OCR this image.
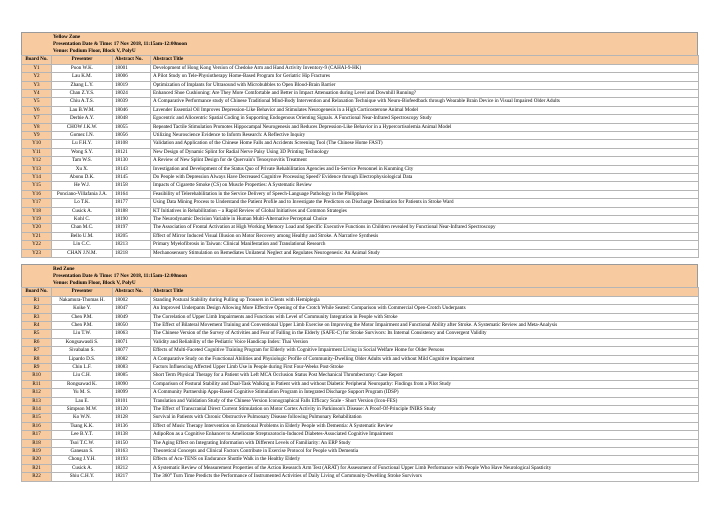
Yellow Zone
Presentation Date & Time: 17 Nov 2018, 11:15am-12:00noon
Venue: Podium Floor, Block V, PolyU
Board No.	Presenter	Abstract No.	Abstract Title
Y1	Poon W.K.	18001	Development of Hong Kong Version of Chedoke Arm and Hand Activity Inventory-9 (CAHAI-9-HK)
Y2	Lau K.M.	18006	A Pilot Study on Tele-Physiotherapy Home-Based Program for Geriatric Hip Fractures
Y3	Zhang L.Y.	18019	Optimization of Implants for Ultrasound with Microbubbles to Open Blood-Brain Barrier
Y4	Chan Z.Y.S.	18024	Enhanced Shoe Cushioning: Are They More Comfortable and Better in Impact Attenuation during Level and Downhill Running?
Y5	Chiu A.T.S.	18039	A Comparative Performance study of Chinese Traditional Mind-Body Intervention and Relaxation Technique with Neuro-Biofeedback through Wearable Brain Device in Visual Impaired Older Adults
Y6	Lau B.W.M.	18046	Lavender Essential Oil Improves Depression-Like Behavior and Stimulates Neurogenesis in a High Corticosterone Animal Model
Y7	Derbie A.Y.	18048	Egocentric and Allocentric Spatial Coding in Supporting Endogenous Orienting Signals. A Functional Near-Infrared Spectroscopy Study
Y8	CHOW J.K.W.	18055	Repeated Tactile Stimulation Promotes Hippocampal Neurogenesis and Reduces Depression-Like Behavior in a Hypercortisolemia Animal Model
Y9	Gomez I.N.	18056	Utilizing Neuroscience Evidence to Inform Research: A Reflective Inquiry
Y10	Lu F.H.Y.	18108	Validation and Application of the Chinese Home Falls and Accidents Screening Tool (The Chinese Home FAST)
Y11	Wong S.Y.	18121	New Design of Dynamic Splint for Radial Nerve Palsy Using 3D Printing Technology
Y12	Tam W.S.	18130	A Review of New Splint Design for de Quervain's Tenosynovitis Treatment
Y13	Xu X.	18143	Investigation and Development of the Status Quo of Private Rehabilitation Agencies and In-Service Personnel in Kunming City
Y14	Abonu D.K.	18145	Do People with Depression Always Have Decreased Cognitive Processing Speed? Evidence through Electrophysiological Data
Y15	He W.J.	18158	Impacts of Cigarette Smoke (CS) on Muscle Properties: A Systematic Review
Y16	Ponciano-Villafania J.A.	18164	Feasibility of Telerehabilitation in the Service Delivery of Speech-Language Pathology in the Philippines
Y17	Lo T.K.	18177	Using Data Mining Process to Understand the Patient Profile and to Investigate the Predictors on Discharge Destination for Patients in Stroke Ward
Y18	Cusick A.	18188	KT Initiatives in Rehabilitation – a Rapid Review of Global Initiatives and Common Strategies
Y19	Kohl C.	18190	The Neurodynamic Decision Variable in Human Multi-Alternative Perceptual Choice
Y20	Chan M.C.	18197	The Association of Frontal Activation at High Working Memory Load and Specific Executive Functions in Children revealed by Functional Near-Infrared Spectroscopy
Y21	Bello U.M.	18205	Effect of Mirror Induced Visual Illusion on Motor Recovery among Healthy and Stroke. A Narrative Synthesis
Y22	Lin C.C.	18213	Primary Myelofibrosis in Taiwan: Clinical Manifestation and Translational Research
Y23	CHAN J.N.M.	18218	Mechanosensory Stimulation on Remediates Unilateral Neglect and Regulates Neurogenesis: An Animal Study
Red Zone
Presentation Date & Time: 17 Nov 2018, 11:15am-12:00noon
Venue: Podium Floor, Block V, PolyU
Board No.	Presenter	Abstract No.	Abstract Title
R1	Nakamura-Thomas H.	18002	Standing Postural Stability during Pulling up Trousers in Clients with Hemiplegia
R2	Koike Y.	18047	An Improved Underpants Design Allowing More Effective Opening of the Crotch While Seated: Comparison with Commercial Open-Crotch Underpants
R3	Chen P.M.	18049	The Correlation of Upper Limb Impairments and Functions with Level of Community Integration in People with Stroke
R4	Chen P.M.	18050	The Effect of Bilateral Movement Training and Conventional Upper Limb Exercise on Improving the Motor Impairment and Functional Ability after Stroke. A Systematic Review and Meta-Analysis
R5	Liu T.W.	18063	The Chinese Version of the Survey of Activities and Fear of Falling in the Elderly (SAFE-C) for Stroke Survivors: Its Internal Consistency and Convergent Validity
R6	Kongsawasdi S.	18071	Validity and Reliability of the Pediatric Voice Handicap Index: Thai Version
R7	Sivabalan S.	18077	Effects of Multi-Faceted Cognitive Training Program for Elderly with Cognitive Impairment Living in Social Welfare Home for Older Persons
R8	Lipardo D.S.	18082	A Comparative Study on the Functional Abilities and Physiologic Profile of Community-Dwelling Older Adults with and without Mild Cognitive Impairment
R9	Chin L.F.	18083	Factors Influencing Affected Upper Limb Use in People during First Four-Weeks Post-Stroke
R10	Liu C.H.	18085	Short Term Physical Therapy for a Patient with Left MCA Occlusion Status Post Mechanical Thrombectomy: Case Report
R11	Rongsawad K.	18090	Comparison of Postural Stability and Dual-Task Walking in Patient with and without Diabetic Peripheral Neuropathy: Findings from a Pilot Study
R12	Yu M. S.	18099	A Community Partnership Apps-Based Cognitive Stimulation Program in Integrated Discharge Support Program (IDSP)
R13	Lau E.	18101	Translation and Validation Study of the Chinese Version Iconographical Falls Efficacy Scale - Short Version (Icon-FES)
R14	Simpson M.W.	18120	The Effect of Transcranial Direct Current Stimulation on Motor Cortex Activity in Parkinson's Disease: A Proof-Of-Principle fNIRS Study
R15	Ko W.N.	18128	Survival in Patients with Chronic Obstructive Pulmonary Disease following Pulmonary Rehabilitation
R16	Tsang K.K.	18136	Effect of Music Therapy Intervention on Emotional Problems in Elderly People with Dementia: A Systematic Review
R17	Lee B.Y.T.	18138	AdipoRon as a Cognitive Enhancer to Ameliorate Streptozotocin-Induced Diabetes-Associated Cognitive Impairment
R18	Tsoi T.C.W.	18150	The Aging Effect on Integrating Information with Different Levels of Familiarity: An ERP Study
R19	Ganesan S.	18163	Theoretical Concepts and Clinical Factors Contribute in Exercise Protocol for People with Dementia
R20	Chong J.Y.H.	18193	Effects of Acu-TENS on Endurance Shuttle Walk in the Healthy Elderly
R21	Cusick A.	18212	A Systematic Review of Measurement Properties of the Action Research Arm Test (ARAT) for Assessment of Functional Upper Limb Performance with People Who Have Neurological Spasticity
R22	Shiu C.H.Y.	18217	The 360° Turn Time Predicts the Performance of Instrumented Activities of Daily Living of Community-Dwelling Stroke Survivors
